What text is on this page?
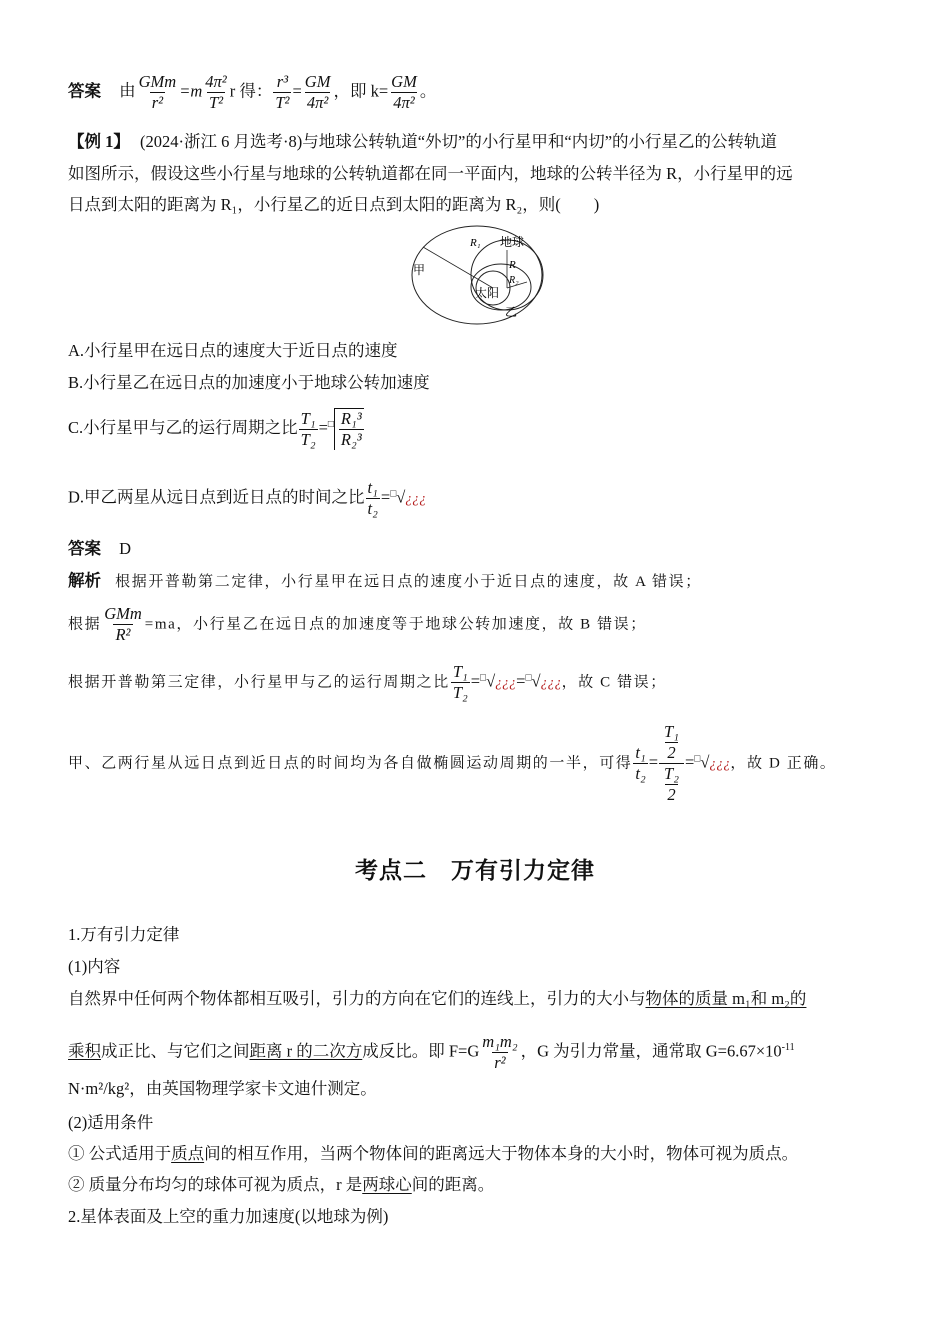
答案 由 $\frac{\text{GMm}}{\text{r²}} =m \frac{\text{4π²}}{\text{T²}}$ r 得： $\frac{\text{r³}}{\text{T²}} = \frac{GM}{\text{4π²}}$ ，即 $k= \frac{GM}{\text{4π²}}$ 。
【例 1】 (2024·浙江 6 月选考·8)与地球公转轨道“外切”的小行星甲和“内切”的小行星乙的公转轨道
如图所示，假设这些小行星与地球的公转轨道都在同一平面内，地球的公转半径为 R，小行星甲的远
日点到太阳的距离为 R₁，小行星乙的近日点到太阳的距离为 R₂，则(　　)
甲
R₁ 地球
R
R₂
太阳
乙
A.小行星甲在远日点的速度大于近日点的速度
B.小行星乙在远日点的加速度小于地球公转加速度
C.小行星甲与乙的运行周期之比 $\frac{\text{T₁}}{\text{T₂}} =^□ \frac{\text{R₁³}}{\text{R₂³}}$
D.甲乙两星从远日点到近日点的时间之比 $\frac{\text{t₁}}{\text{t₂}}$ =□√¿¿¿
答案 D
解析 根据开普勒第二定律，小行星甲在远日点的速度小于近日点的速度，故 A 错误；
根据 $\frac{\text{GMm}}{\text{R²}} =ma$，小行星乙在远日点的加速度等于地球公转加速度，故 B 错误；
根据开普勒第三定律，小行星甲与乙的运行周期之比 $\frac{\text{T₁}}{\text{T₂}}$ =□√¿¿¿=□√¿¿¿，故 C 错误；
甲、乙两行星从远日点到近日点的时间均为各自做椭圆运动周期的一半，可得 $\frac{\text{t₁}}{\text{t₂}} = \frac{\frac{\text{T₁}}{2}}{\frac{\text{T₂}}{2}}$ =□√¿¿¿，故 D 正确。
考点二　万有引力定律
1.万有引力定律
(1)内容
自然界中任何两个物体都相互吸引，引力的方向在它们的连线上，引力的大小与物体的质量 m₁和 m₂的
乘积成正比、与它们之间距离 r 的二次方成反比。即 $F=G \frac{\text{m₁m₂}}{\text{r²}}$ ，G 为引力常量，通常取 $G=6.67\times 10^{-11}$
N·m²/kg²，由英国物理学家卡文迪什测定。
(2)适用条件
① 公式适用于质点间的相互作用，当两个物体间的距离远大于物体本身的大小时，物体可视为质点。
② 质量分布均匀的球体可视为质点，r 是两球心间的距离。
2.星体表面及上空的重力加速度(以地球为例)
